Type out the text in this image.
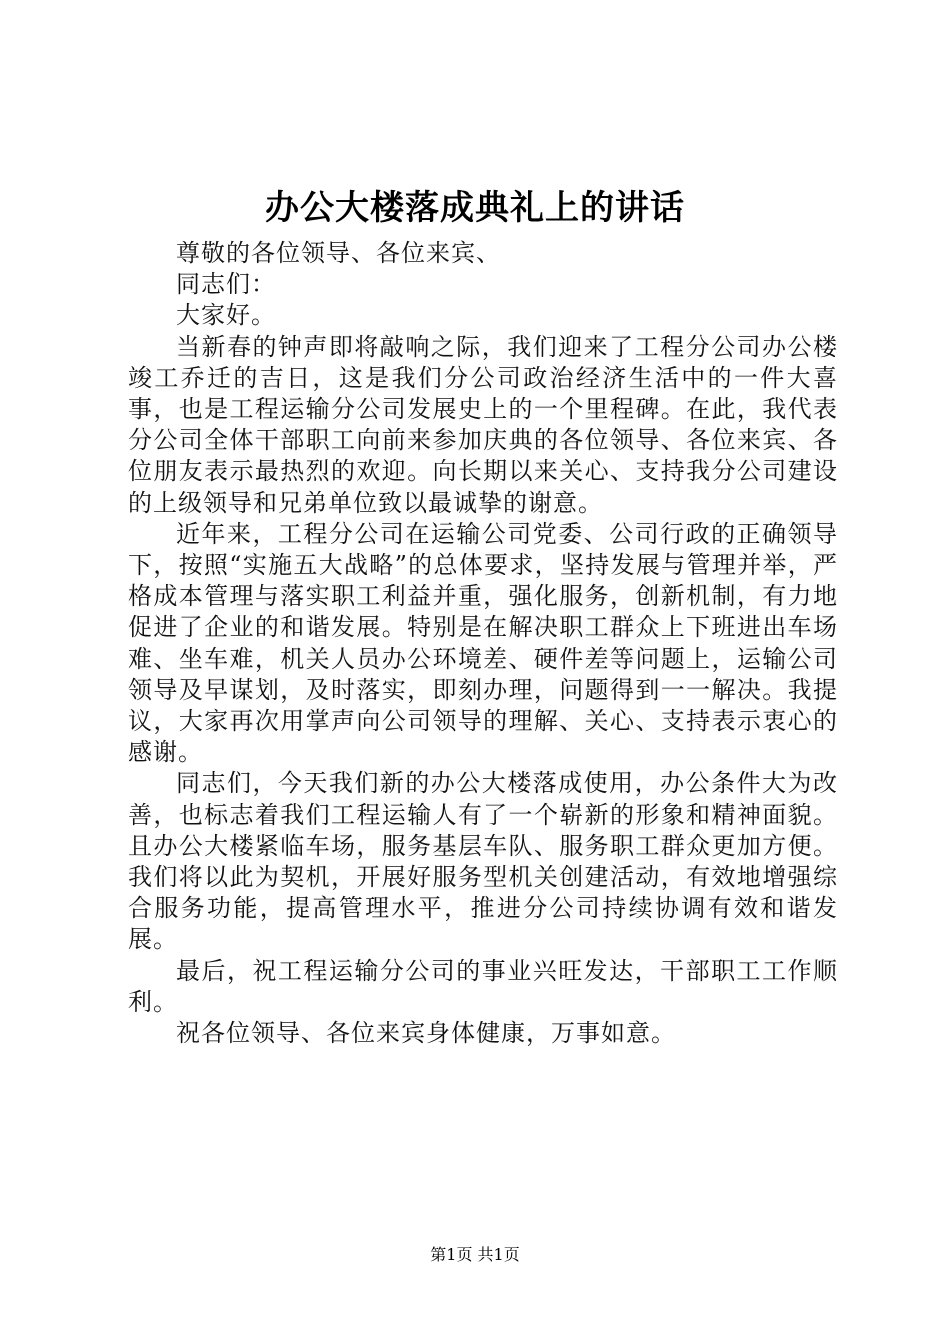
办公大楼落成典礼上的讲话

尊敬的各位领导、各位来宾、

同志们：

大家好。

当新春的钟声即将敲响之际，我们迎来了工程分公司办公楼竣工乔迁的吉日，这是我们分公司政治经济生活中的一件大喜事，也是工程运输分公司发展史上的一个里程碑。在此，我代表分公司全体干部职工向前来参加庆典的各位领导、各位来宾、各位朋友表示最热烈的欢迎。向长期以来关心、支持我分公司建设的上级领导和兄弟单位致以最诚挚的谢意。

近年来，工程分公司在运输公司党委、公司行政的正确领导下，按照“实施五大战略”的总体要求，坚持发展与管理并举，严格成本管理与落实职工利益并重，强化服务，创新机制，有力地促进了企业的和谐发展。特别是在解决职工群众上下班进出车场难、坐车难，机关人员办公环境差、硬件差等问题上，运输公司领导及早谋划，及时落实，即刻办理，问题得到一一解决。我提议，大家再次用掌声向公司领导的理解、关心、支持表示衷心的感谢。

同志们，今天我们新的办公大楼落成使用，办公条件大为改善，也标志着我们工程运输人有了一个崭新的形象和精神面貌。且办公大楼紧临车场，服务基层车队、服务职工群众更加方便。我们将以此为契机，开展好服务型机关创建活动，有效地增强综合服务功能，提高管理水平，推进分公司持续协调有效和谐发展。

最后，祝工程运输分公司的事业兴旺发达，干部职工工作顺利。

祝各位领导、各位来宾身体健康，万事如意。

第1页 共1页
